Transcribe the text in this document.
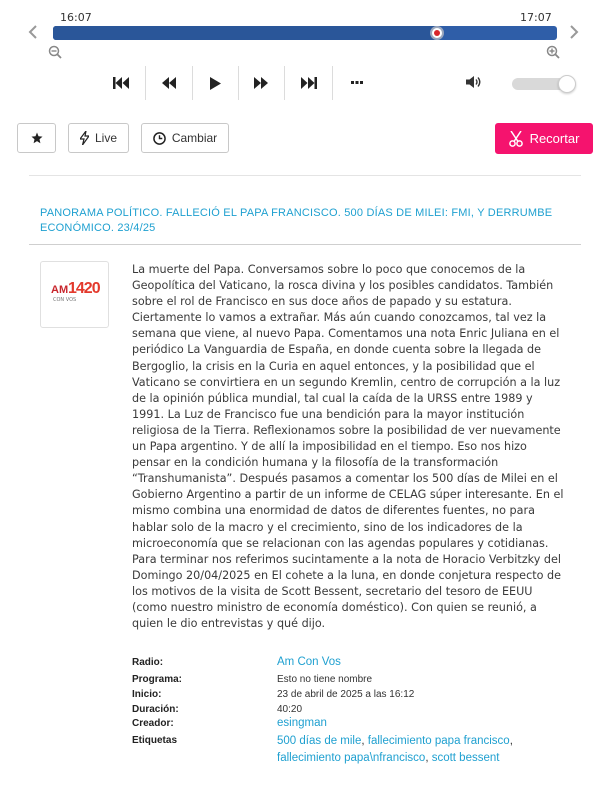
16:07	17:07
Live	Cambiar	Recortar
PANORAMA POLÍTICO. FALLECIÓ EL PAPA FRANCISCO. 500 DÍAS DE MILEI: FMI, Y DERRUMBE ECONÓMICO. 23/4/25
AM 1420
CON VOS
La muerte del Papa. Conversamos sobre lo poco que conocemos de la Geopolítica del Vaticano, la rosca divina y los posibles candidatos. También sobre el rol de Francisco en sus doce años de papado y su estatura. Ciertamente lo vamos a extrañar. Más aún cuando conozcamos, tal vez la semana que viene, al nuevo Papa. Comentamos una nota Enric Juliana en el periódico La Vanguardia de España, en donde cuenta sobre la llegada de Bergoglio, la crisis en la Curia en aquel entonces, y la posibilidad que el Vaticano se convirtiera en un segundo Kremlin, centro de corrupción a la luz de la opinión pública mundial, tal cual la caída de la URSS entre 1989 y 1991. La Luz de Francisco fue una bendición para la mayor institución religiosa de la Tierra. Reflexionamos sobre la posibilidad de ver nuevamente un Papa argentino. Y de allí la imposibilidad en el tiempo. Eso nos hizo pensar en la condición humana y la filosofía de la transformación “Transhumanista”. Después pasamos a comentar los 500 días de Milei en el Gobierno Argentino a partir de un informe de CELAG súper interesante. En el mismo combina una enormidad de datos de diferentes fuentes, no para hablar solo de la macro y el crecimiento, sino de los indicadores de la microeconomía que se relacionan con las agendas populares y cotidianas. Para terminar nos referimos sucintamente a la nota de Horacio Verbitzky del Domingo 20/04/2025 en El cohete a la luna, en donde conjetura respecto de los motivos de la visita de Scott Bessent, secretario del tesoro de EEUU (como nuestro ministro de economía doméstico). Con quien se reunió, a quien le dio entrevistas y qué dijo.
Radio:	Am Con Vos
Programa:	Esto no tiene nombre
Inicio:	23 de abril de 2025 a las 16:12
Duración:	40:20
Creador:	esingman
Etiquetas	500 días de mile, fallecimiento papa francisco, fallecimiento papa\nfrancisco, scott bessent
